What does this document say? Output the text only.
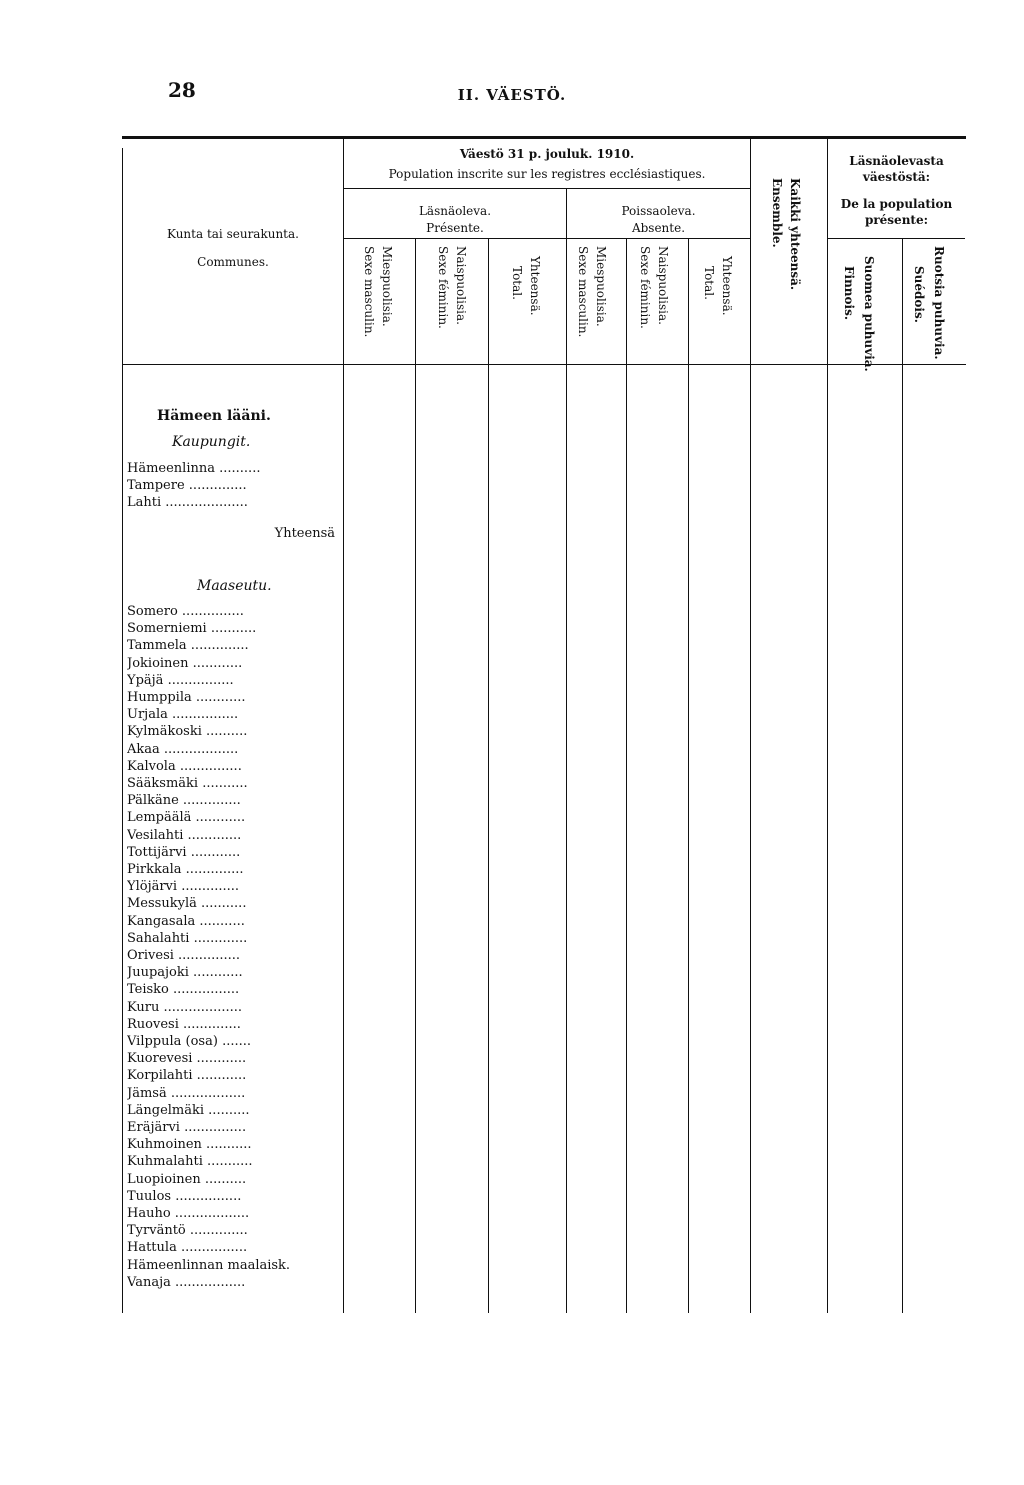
28	II. VÄESTÖ.
Kunta tai seurakunta.
Communes.
Väestö 31 p. jouluk. 1910.
Population inscrite sur les registres ecclésiastiques.
Läsnäoleva.
Présente.
Poissaoleva.
Absente.
Läsnäolevasta väestöstä:
De la population présente:
Sexe masculin. Miespuolisia.	Sexe féminin. Naispuolisia.	Total. Yhteensä.	Sexe masculin. Miespuolisia.	Sexe féminin. Naispuolisia.	Total. Yhteensä.
Ensemble. Kaikki yhteensä.
Finnois. Suomea puhuvia.	Suédois. Ruotsia puhuvia.
Hämeen lääni.
Kaupungit.
Hämeenlinna ..........
Tampere ..............
Lahti ....................
Yhteensä
Maaseutu.
Somero ...............
Somerniemi ...........
Tammela ..............
Jokioinen ............
Ypäjä ................
Humppila ............
Urjala ................
Kylmäkoski ..........
Akaa ..................
Kalvola ...............
Sääksmäki ...........
Pälkäne ..............
Lempäälä ............
Vesilahti .............
Tottijärvi ............
Pirkkala ..............
Ylöjärvi ..............
Messukylä ...........
Kangasala ...........
Sahalahti .............
Orivesi ...............
Juupajoki ............
Teisko ................
Kuru ...................
Ruovesi ..............
Vilppula (osa) .......
Kuorevesi ............
Korpilahti ............
Jämsä ..................
Längelmäki ..........
Eräjärvi ...............
Kuhmoinen ...........
Kuhmalahti ...........
Luopioinen ..........
Tuulos ................
Hauho ..................
Tyrväntö ..............
Hattula ................
Hämeenlinnan maalaisk.
Vanaja .................
